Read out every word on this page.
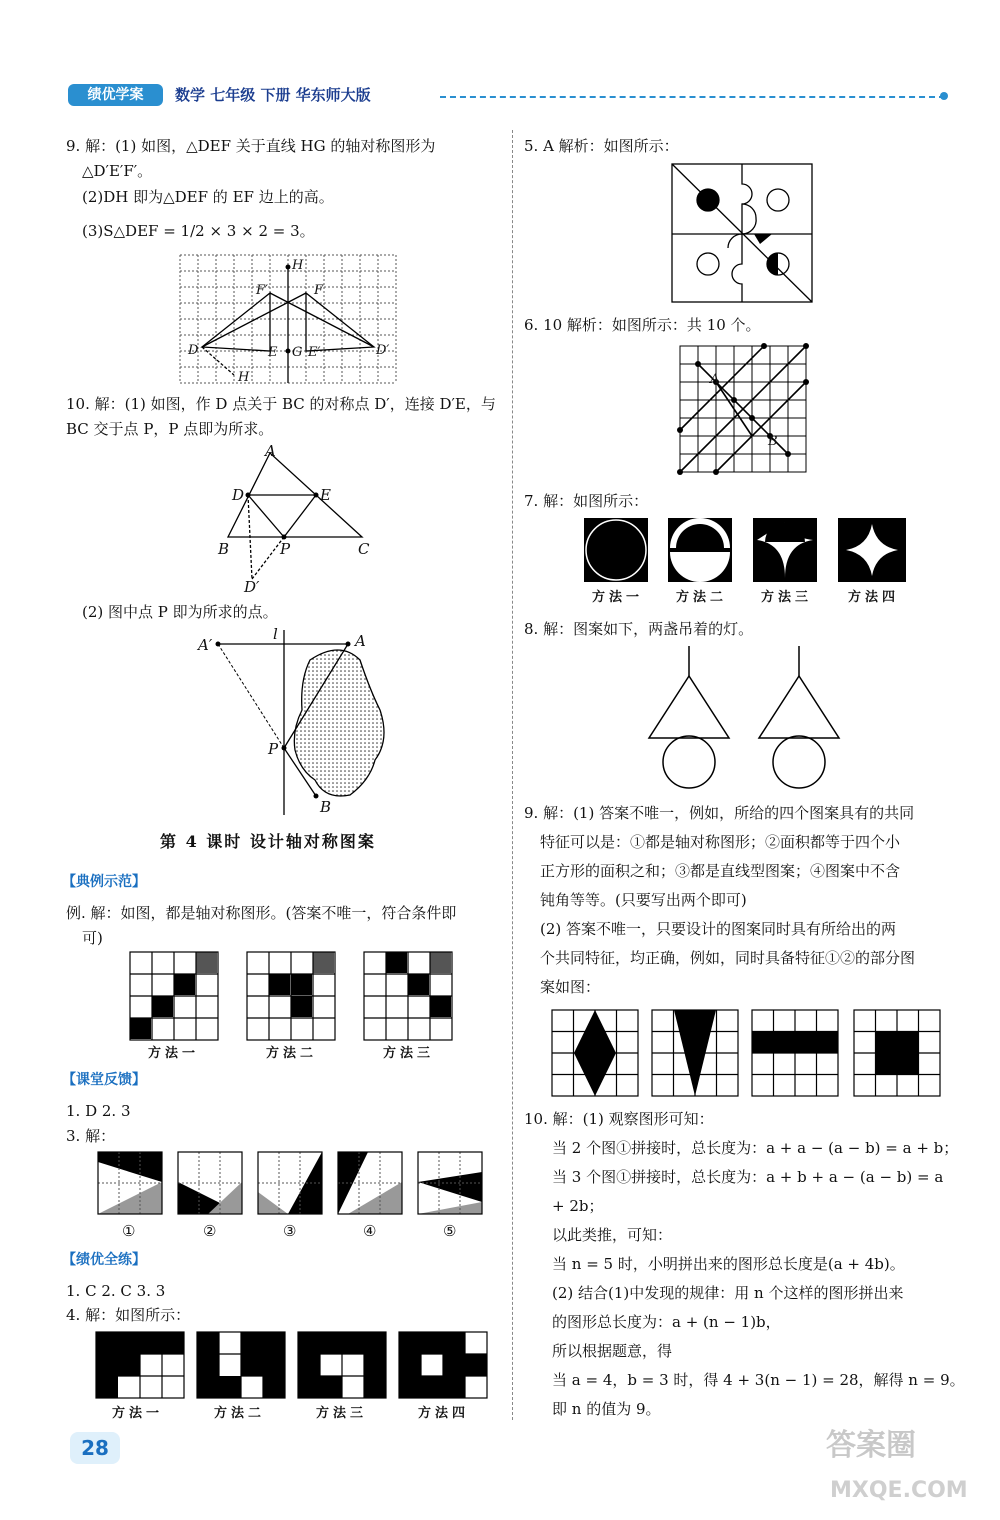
绩优学案	数学 七年级 下册 华东师大版
9. 解：(1) 如图，△DEF 关于直线 HG 的轴对称图形为
△D′E′F′。
(2)DH 即为△DEF 的 EF 边上的高。
(3)S△DEF = 1/2 × 3 × 2 = 3。
H
F′	F
D	E G E′	D′
H
10. 解：(1) 如图，作 D 点关于 BC 的对称点 D′，连接 D′E，与
BC 交于点 P，P 点即为所求。
A
D	E
B	P	C
D′
(2) 图中点 P 即为所求的点。
A′
l	A
P
B
第 4 课时 设计轴对称图案
【典例示范】
例. 解：如图，都是轴对称图形。(答案不唯一，符合条件即
可)
方法一	方法二	方法三
【课堂反馈】
1. D 2. 3
3. 解：
①	②	③	④	⑤
【绩优全练】
1. C 2. C 3. 3
4. 解：如图所示：
方法一	方法二	方法三	方法四
5. A 解析：如图所示：
6. 10 解析：如图所示：共 10 个。
A
B
7. 解：如图所示：
方法一	方法二	方法三	方法四
8. 解：图案如下，两盏吊着的灯。
9. 解：(1) 答案不唯一，例如，所给的四个图案具有的共同
特征可以是：①都是轴对称图形；②面积都等于四个小
正方形的面积之和；③都是直线型图案；④图案中不含
钝角等等。(只要写出两个即可)
(2) 答案不唯一，只要设计的图案同时具有所给出的两
个共同特征，均正确，例如，同时具备特征①②的部分图
案如图：
10. 解：(1) 观察图形可知：
当 2 个图①拼接时，总长度为：a + a − (a − b) = a + b；
当 3 个图①拼接时，总长度为：a + b + a − (a − b) = a
+ 2b；
以此类推，可知：
当 n = 5 时，小明拼出来的图形总长度是(a + 4b)。
(2) 结合(1)中发现的规律：用 n 个这样的图形拼出来
的图形总长度为：a + (n − 1)b，
所以根据题意，得
当 a = 4，b = 3 时，得 4 + 3(n − 1) = 28，解得 n = 9。
即 n 的值为 9。
28	答案圈
MXQE.COM
